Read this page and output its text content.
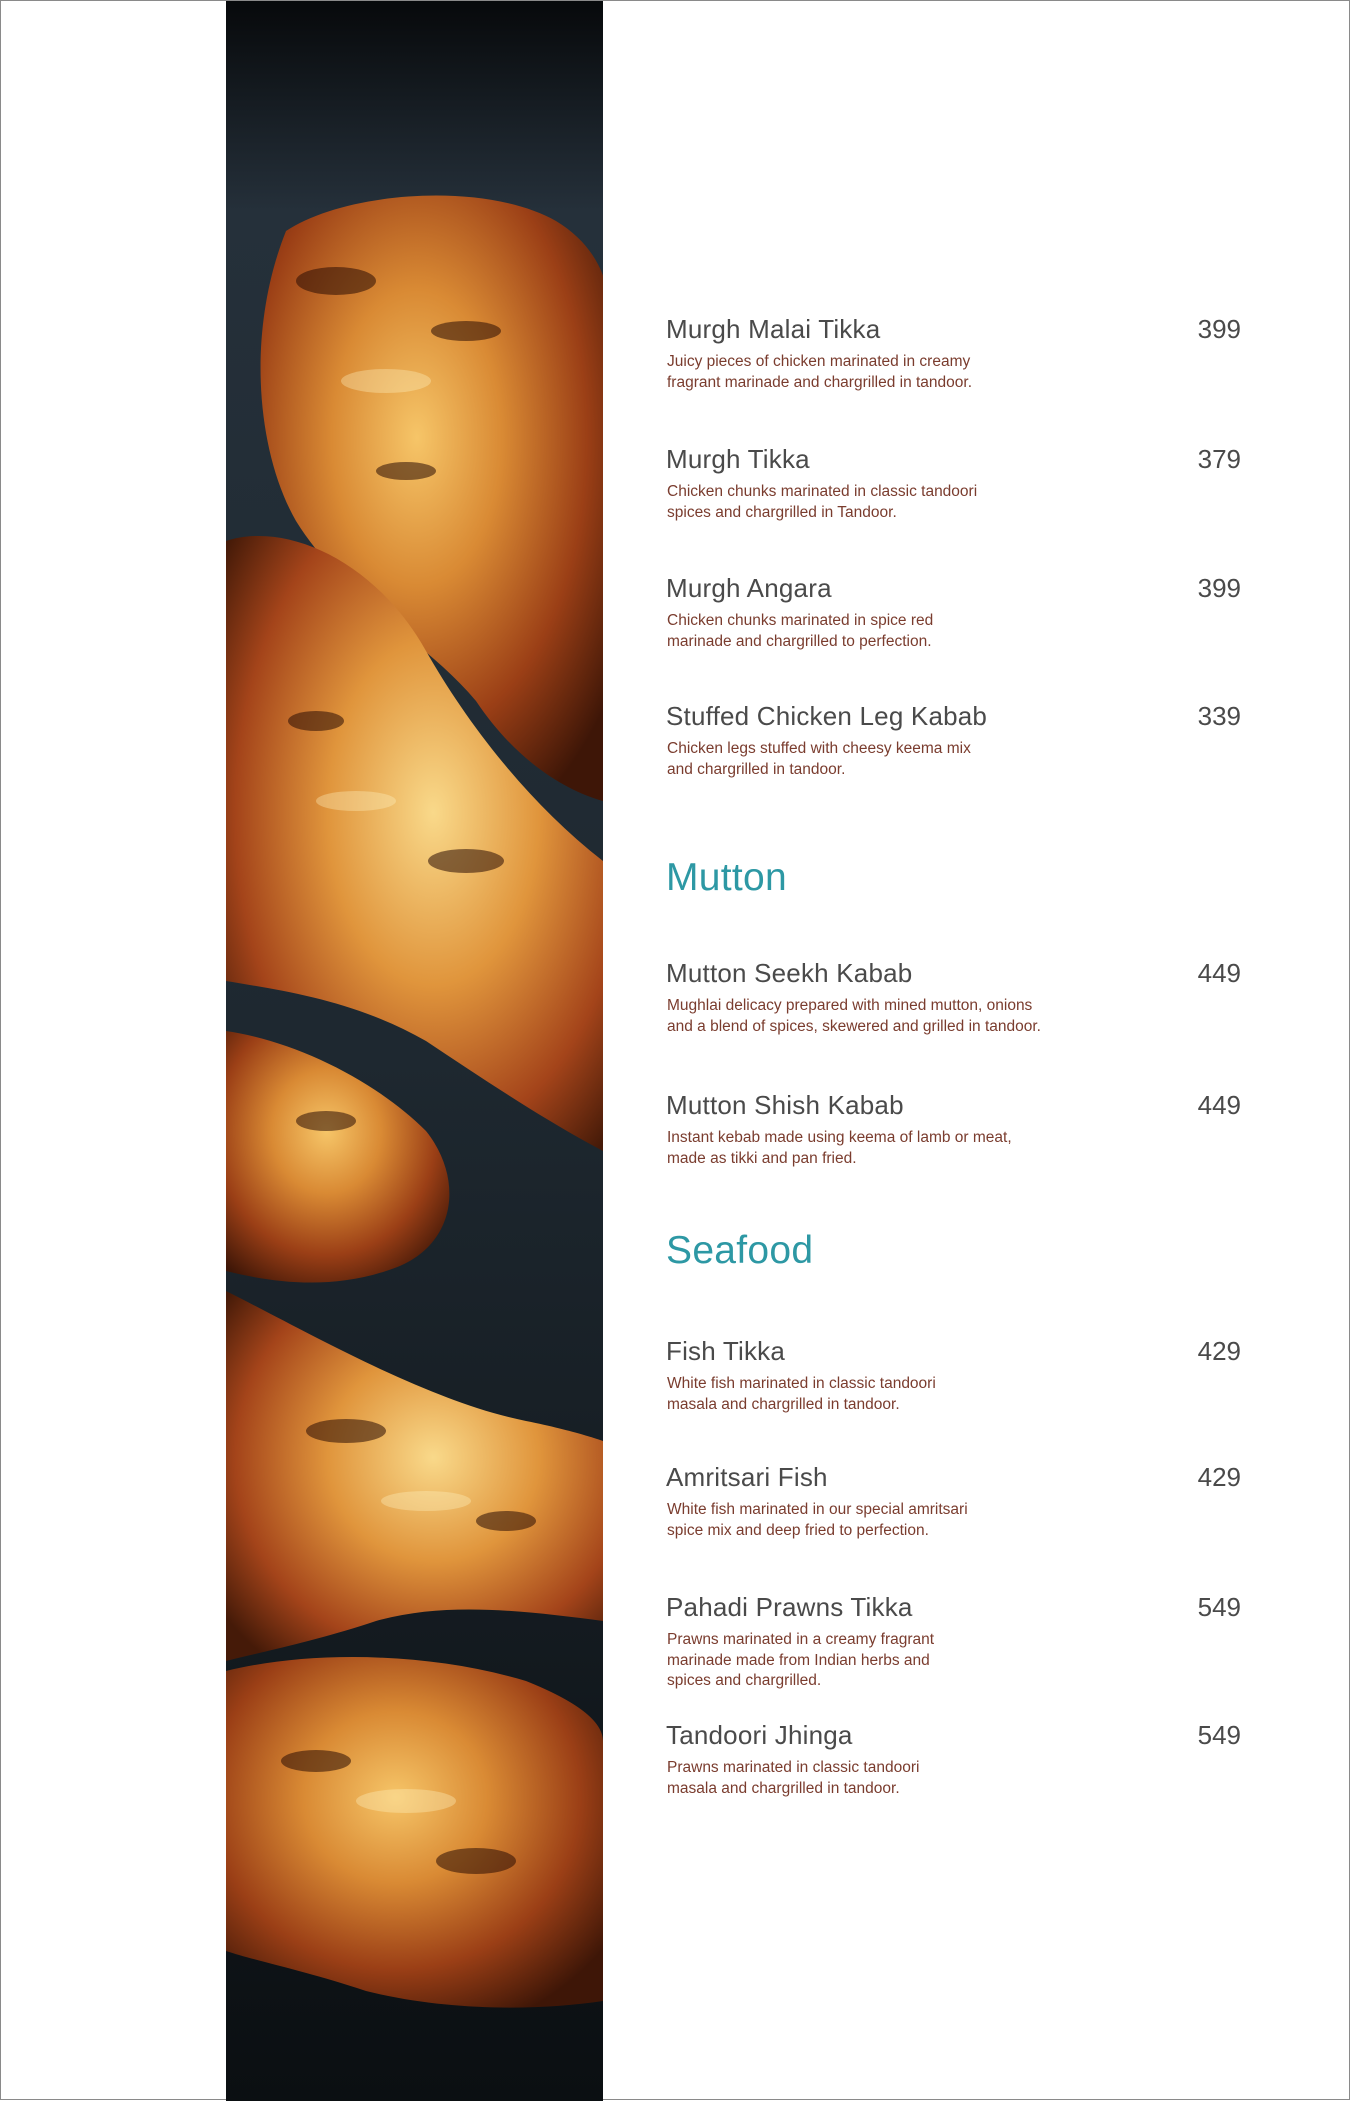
Murgh Malai Tikka	399
Juicy pieces of chicken marinated in creamy
fragrant marinade and chargrilled in tandoor.
Murgh Tikka	379
Chicken chunks marinated in classic tandoori
spices and chargrilled in Tandoor.
Murgh Angara	399
Chicken chunks marinated in spice red
marinade and chargrilled to perfection.
Stuffed Chicken Leg Kabab	339
Chicken legs stuffed with cheesy keema mix
and chargrilled in tandoor.
Mutton
Mutton Seekh Kabab	449
Mughlai delicacy prepared with mined mutton, onions
and a blend of spices, skewered and grilled in tandoor.
Mutton Shish Kabab	449
Instant kebab made using keema of lamb or meat,
made as tikki and pan fried.
Seafood
Fish Tikka	429
White fish marinated in classic tandoori
masala and chargrilled in tandoor.
Amritsari Fish	429
White fish marinated in our special amritsari
spice mix and deep fried to perfection.
Pahadi Prawns Tikka	549
Prawns marinated in a creamy fragrant
marinade made from Indian herbs and
spices and chargrilled.
Tandoori Jhinga	549
Prawns marinated in classic tandoori
masala and chargrilled in tandoor.
